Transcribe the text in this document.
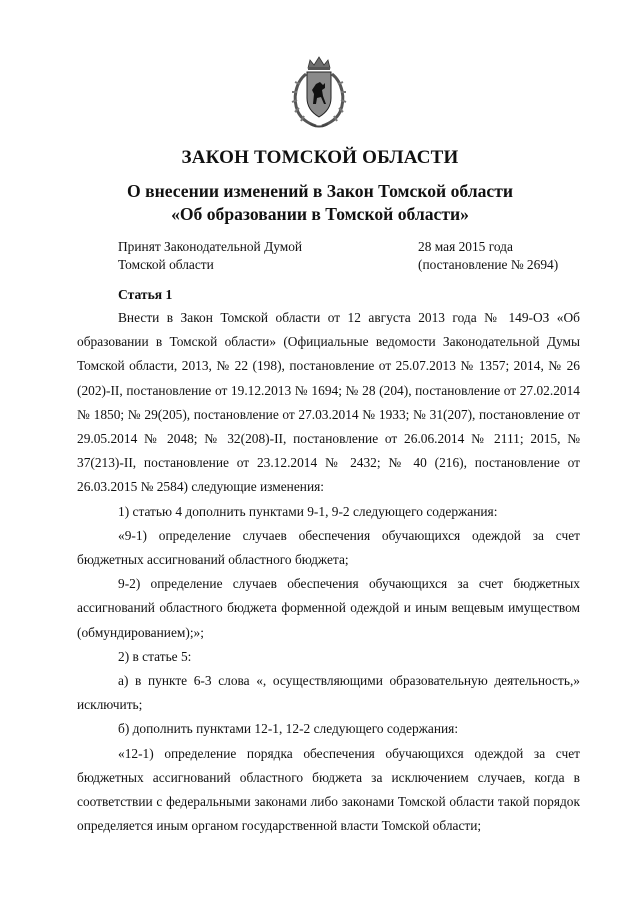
ЗАКОН ТОМСКОЙ ОБЛАСТИ
О внесении изменений в Закон Томской области
«Об образовании в Томской области»
Принят Законодательной Думой
Томской области
28 мая 2015 года
(постановление № 2694)
Статья 1

Внести в Закон Томской области от 12 августа 2013 года № 149-ОЗ «Об образовании в Томской области» (Официальные ведомости Законодательной Думы Томской области, 2013, № 22 (198), постановление от 25.07.2013 № 1357; 2014, № 26 (202)-II, постановление от 19.12.2013 № 1694; № 28 (204), постановление от 27.02.2014 № 1850; № 29(205), постановление от 27.03.2014 № 1933; № 31(207), постановление от 29.05.2014 № 2048; № 32(208)-II, постановление от 26.06.2014 № 2111; 2015, № 37(213)-II, постановление от 23.12.2014 № 2432; № 40 (216), постановление от 26.03.2015 № 2584) следующие изменения:

1) статью 4 дополнить пунктами 9-1, 9-2 следующего содержания:

«9-1) определение случаев обеспечения обучающихся одеждой за счет бюджетных ассигнований областного бюджета;

9-2) определение случаев обеспечения обучающихся за счет бюджетных ассигнований областного бюджета форменной одеждой и иным вещевым имуществом (обмундированием);»;

2) в статье 5:

а) в пункте 6-3 слова «, осуществляющими образовательную деятельность,» исключить;

б) дополнить пунктами 12-1, 12-2 следующего содержания:

«12-1) определение порядка обеспечения обучающихся одеждой за счет бюджетных ассигнований областного бюджета за исключением случаев, когда в соответствии с федеральными законами либо законами Томской области такой порядок определяется иным органом государственной власти Томской области;
